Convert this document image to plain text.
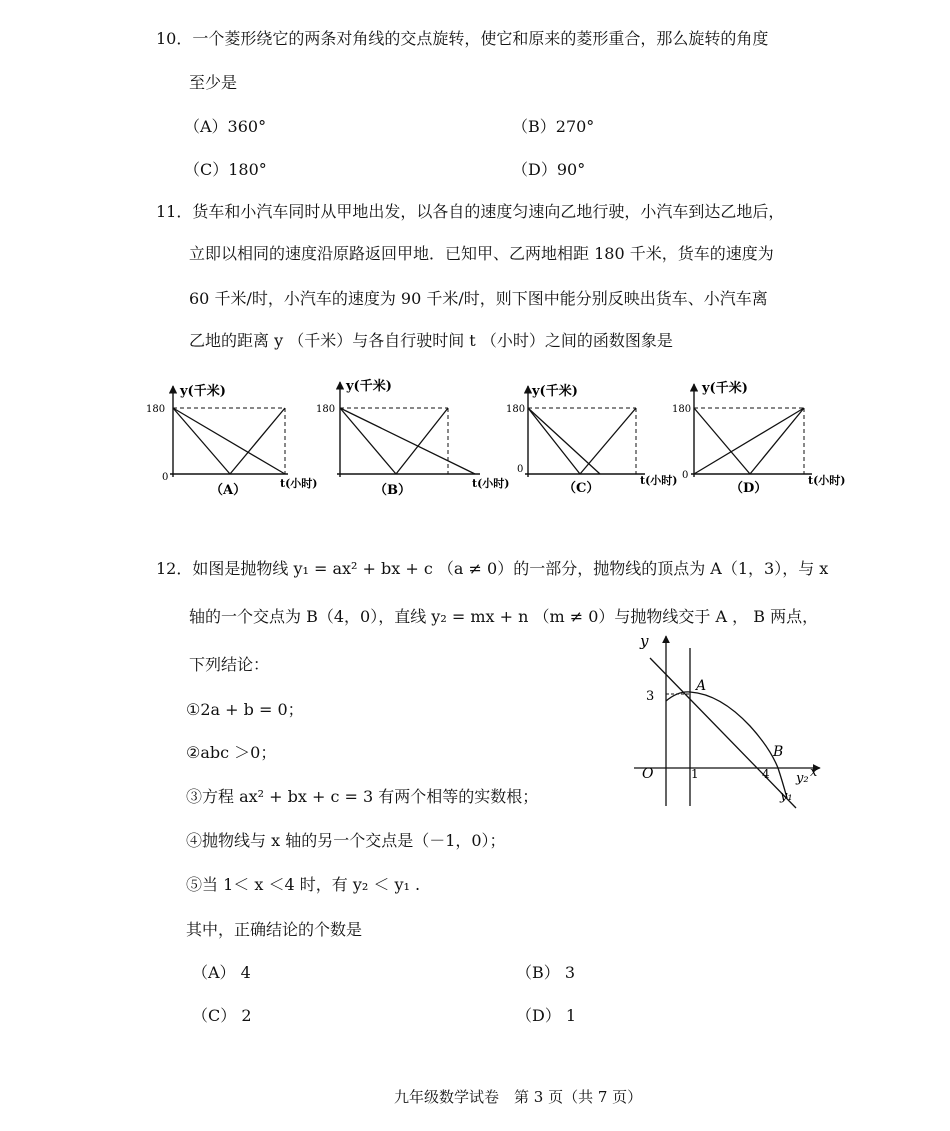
10．一个菱形绕它的两条对角线的交点旋转，使它和原来的菱形重合，那么旋转的角度
至少是
（A）360°	（B）270°
（C）180°	（D）90°
11．货车和小汽车同时从甲地出发，以各自的速度匀速向乙地行驶，小汽车到达乙地后，
立即以相同的速度沿原路返回甲地．已知甲、乙两地相距 180 千米，货车的速度为
60 千米/时，小汽车的速度为 90 千米/时，则下图中能分别反映出货车、小汽车离
乙地的距离 y （千米）与各自行驶时间 t （小时）之间的函数图象是
y(千米)
180
0	t(小时)
（A）
y(千米)
180
t(小时)
（B）
y(千米)
180
0
t(小时)
（C）
y(千米)
180
0	t(小时)
（D）
12．如图是抛物线 y₁ = ax² + bx + c （a ≠ 0）的一部分，抛物线的顶点为 A（1，3），与 x
轴的一个交点为 B（4，0），直线 y₂ = mx + n （m ≠ 0）与抛物线交于 A ， B 两点，
下列结论：
①2a + b = 0；
②abc ＞0；
③方程 ax² + bx + c = 3 有两个相等的实数根；
④抛物线与 x 轴的另一个交点是（－1，0）；
⑤当 1＜ x ＜4 时，有 y₂ ＜ y₁ .
其中，正确结论的个数是
（A） 4	（B） 3
（C） 2	（D） 1
y
x
O	1	4
3
A
B
y₁
y₂
九年级数学试卷　第 3 页（共 7 页）
